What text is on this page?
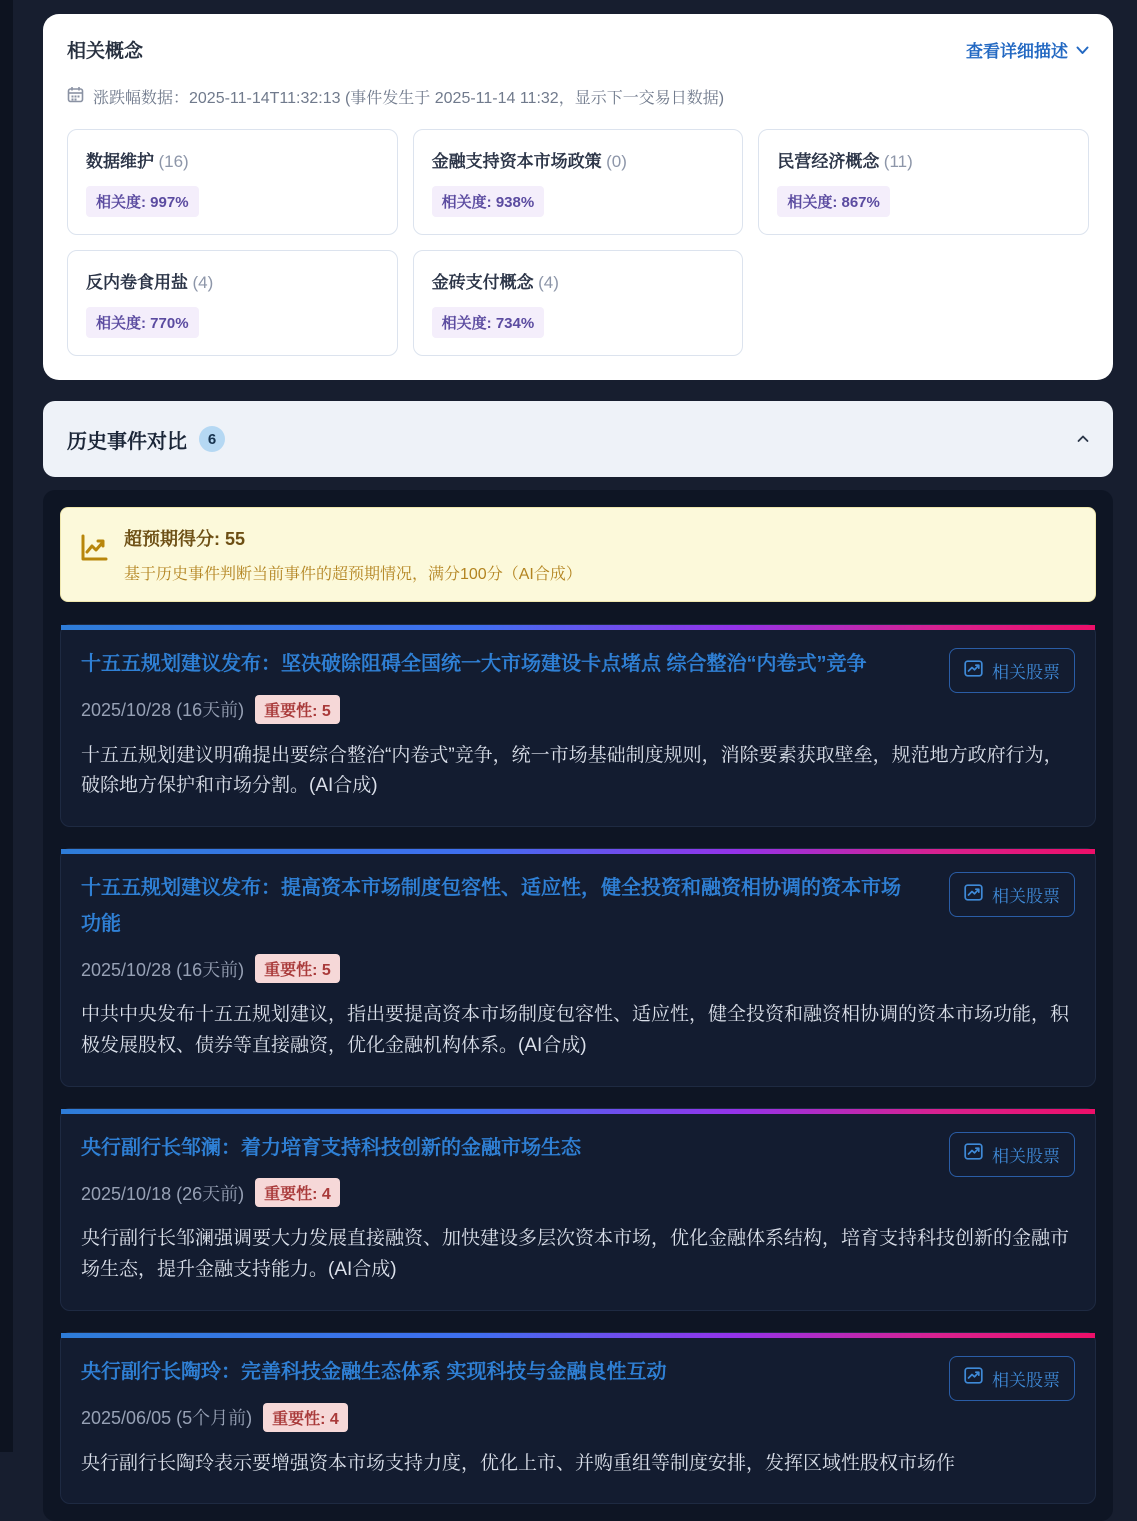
相关概念	查看详细描述
涨跌幅数据：2025-11-14T11:32:13 (事件发生于 2025-11-14 11:32，显示下一交易日数据)
数据维护 (16)
相关度: 997%
金融支持资本市场政策 (0)
相关度: 938%
民营经济概念 (11)
相关度: 867%
反内卷食用盐 (4)
相关度: 770%
金砖支付概念 (4)
相关度: 734%
历史事件对比	6
超预期得分: 55
基于历史事件判断当前事件的超预期情况，满分100分（AI合成）
十五五规划建议发布：坚决破除阻碍全国统一大市场建设卡点堵点 综合整治“内卷式”竞争	相关股票
2025/10/28 (16天前)	重要性: 5
十五五规划建议明确提出要综合整治“内卷式”竞争，统一市场基础制度规则，消除要素获取壁垒，规范地方政府行为，破除地方保护和市场分割。(AI合成)
十五五规划建议发布：提高资本市场制度包容性、适应性，健全投资和融资相协调的资本市场功能
相关股票
2025/10/28 (16天前)	重要性: 5
中共中央发布十五五规划建议，指出要提高资本市场制度包容性、适应性，健全投资和融资相协调的资本市场功能，积极发展股权、债券等直接融资，优化金融机构体系。(AI合成)
央行副行长邹澜：着力培育支持科技创新的金融市场生态	相关股票
2025/10/18 (26天前)	重要性: 4
央行副行长邹澜强调要大力发展直接融资、加快建设多层次资本市场，优化金融体系结构，培育支持科技创新的金融市场生态，提升金融支持能力。(AI合成)
央行副行长陶玲：完善科技金融生态体系 实现科技与金融良性互动	相关股票
2025/06/05 (5个月前)	重要性: 4
央行副行长陶玲表示要增强资本市场支持力度，优化上市、并购重组等制度安排，发挥区域性股权市场作
